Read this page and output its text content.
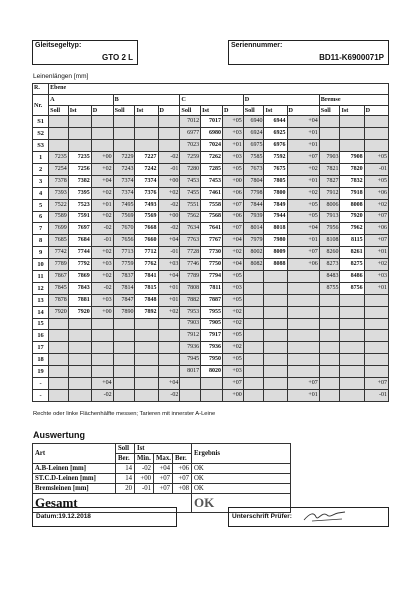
Gleitsegeltyp:
GTO 2 L
Seriennummer:
BD11-K6900071P
Leinenlängen [mm]
R.	Ebene														
Nr.	A			B			C			D			Bremse		
	Soll	Ist	D	Soll	Ist	D	Soll	Ist	D	Soll	Ist	D	Soll	Ist	D
S1							7012	7017	+05	6940	6944	+04			
S2							6977	6980	+03	6924	6925	+01			
S3							7023	7024	+01	6975	6976	+01			
1	7235	7235	+00	7229	7227	-02	7259	7262	+03	7585	7592	+07	7903	7908	+05
2	7254	7256	+02	7243	7242	-01	7280	7285	+05	7673	7675	+02	7821	7820	-01
3	7378	7382	+04	7374	7374	+00	7453	7453	+00	7804	7805	+01	7827	7832	+05
4	7393	7395	+02	7374	7376	+02	7455	7461	+06	7798	7800	+02	7912	7918	+06
5	7522	7523	+01	7495	7493	-02	7551	7558	+07	7844	7849	+05	8006	8008	+02
6	7589	7591	+02	7569	7569	+00	7562	7568	+06	7939	7944	+05	7913	7920	+07
7	7699	7697	-02	7670	7668	-02	7634	7641	+07	8014	8018	+04	7956	7962	+06
8	7685	7684	-01	7656	7660	+04	7763	7767	+04	7979	7980	+01	8108	8115	+07
9	7742	7744	+02	7713	7712	-01	7728	7730	+02	8002	8009	+07	8260	8261	+01
10	7789	7792	+03	7759	7762	+03	7746	7750	+04	8082	8088	+06	8273	8275	+02
11	7867	7869	+02	7837	7841	+04	7789	7794	+05				8483	8486	+03
12	7845	7843	-02	7814	7815	+01	7808	7811	+03				8755	8756	+01
13	7878	7881	+03	7847	7848	+01	7882	7887	+05						
14	7920	7920	+00	7890	7892	+02	7953	7955	+02						
15							7903	7905	+02						
16							7912	7917	+05						
17							7936	7936	+02						
18							7945	7950	+05						
19							8017	8020	+03						
-			+04			+04			+07			+07			+07
-			-02			-02			+00			+01			-01
Rechte oder linke Flächenhälfte messen; Tarieren mit innerster A-Leine
Auswertung
Art	Soll	Ist			Ergebnis
	Ber.	Min.	Max.	Ber.	
A.B-Leinen [mm]	14	-02	+04	+06	OK
ST.C.D-Leinen [mm]	14	+00	+07	+07	OK
Bremsleinen [mm]	20	-01	+07	+08	OK
Gesamt					OK
Datum:19.12.2018	Unterschrift Prüfer:
